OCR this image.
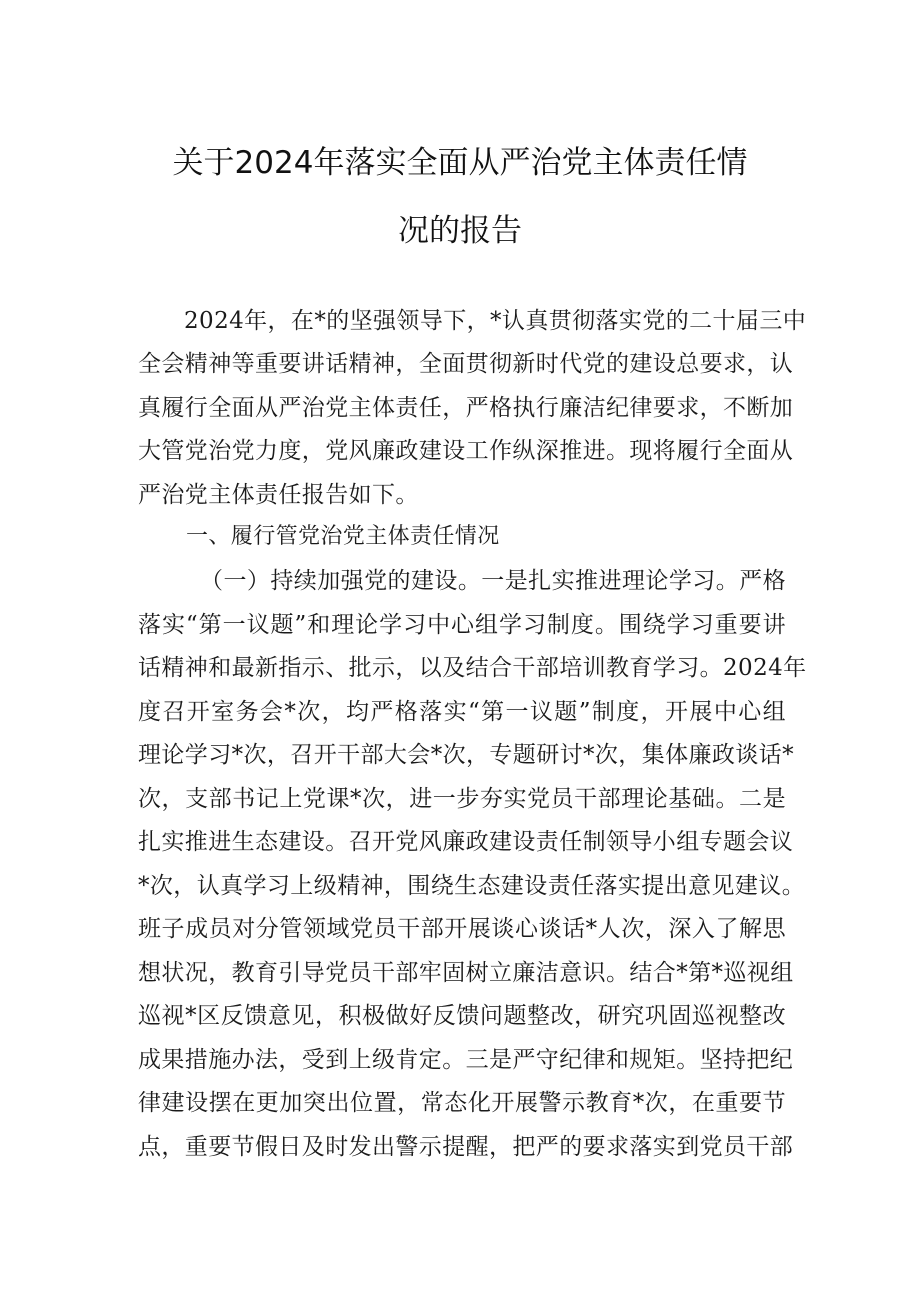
关于2024年落实全面从严治党主体责任情
况的报告
2024年，在*的坚强领导下，*认真贯彻落实党的二十届三中
全会精神等重要讲话精神，全面贯彻新时代党的建设总要求，认
真履行全面从严治党主体责任，严格执行廉洁纪律要求，不断加
大管党治党力度，党风廉政建设工作纵深推进。现将履行全面从
严治党主体责任报告如下。
一、履行管党治党主体责任情况
（一）持续加强党的建设。一是扎实推进理论学习。严格
落实“第一议题”和理论学习中心组学习制度。围绕学习重要讲
话精神和最新指示、批示，以及结合干部培训教育学习。2024年
度召开室务会*次，均严格落实“第一议题”制度，开展中心组
理论学习*次，召开干部大会*次，专题研讨*次，集体廉政谈话*
次，支部书记上党课*次，进一步夯实党员干部理论基础。二是
扎实推进生态建设。召开党风廉政建设责任制领导小组专题会议
*次，认真学习上级精神，围绕生态建设责任落实提出意见建议。
班子成员对分管领域党员干部开展谈心谈话*人次，深入了解思
想状况，教育引导党员干部牢固树立廉洁意识。结合*第*巡视组
巡视*区反馈意见，积极做好反馈问题整改，研究巩固巡视整改
成果措施办法，受到上级肯定。三是严守纪律和规矩。坚持把纪
律建设摆在更加突出位置，常态化开展警示教育*次，在重要节
点，重要节假日及时发出警示提醒，把严的要求落实到党员干部
